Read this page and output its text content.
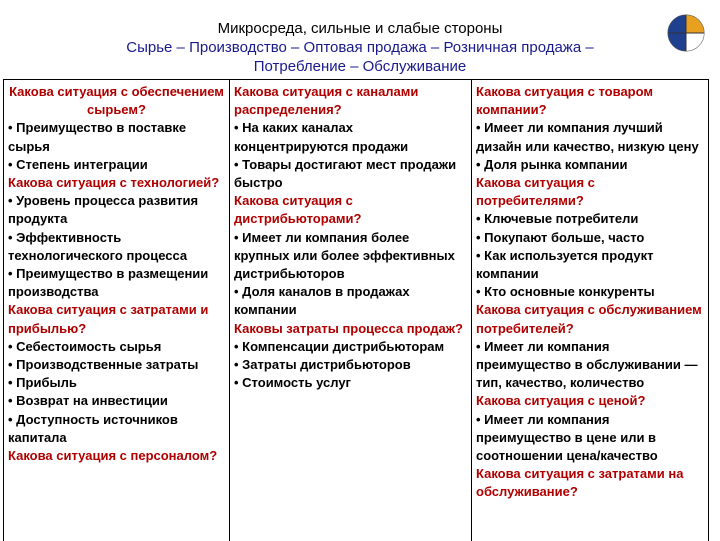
Микросреда, сильные и слабые стороны
Сырье – Производство – Оптовая продажа – Розничная продажа –
Потребление – Обслуживание
Какова ситуация с обеспечением сырьем?
• Преимущество в поставке сырья
• Степень интеграции
Какова ситуация с технологией?
• Уровень процесса развития продукта
• Эффективность технологического процесса
• Преимущество в размещении производства
Какова ситуация с затратами и прибылью?
• Себестоимость сырья
• Производственные затраты
• Прибыль
• Возврат на инвестиции
• Доступность источников капитала
Какова ситуация с персоналом?
Какова ситуация с каналами распределения?
• На каких каналах концентрируются продажи
• Товары достигают мест продажи быстро
Какова ситуация с дистрибьюторами?
• Имеет ли компания более крупных или более эффективных дистрибьюторов
• Доля каналов в продажах компании
Каковы затраты процесса продаж?
• Компенсации дистрибьюторам
• Затраты дистрибьюторов
• Стоимость услуг
Какова ситуация с товаром компании?
• Имеет ли компания лучший дизайн или качество, низкую цену
• Доля рынка компании
Какова ситуация с потребителями?
• Ключевые потребители
• Покупают больше, часто
• Как используется продукт компании
• Кто основные конкуренты
Какова ситуация с обслуживанием потребителей?
• Имеет ли компания преимущество в обслуживании —тип, качество, количество
Какова ситуация с ценой?
• Имеет ли компания преимущество в цене или в соотношении цена/качество
Какова ситуация с затратами на обслуживание?
